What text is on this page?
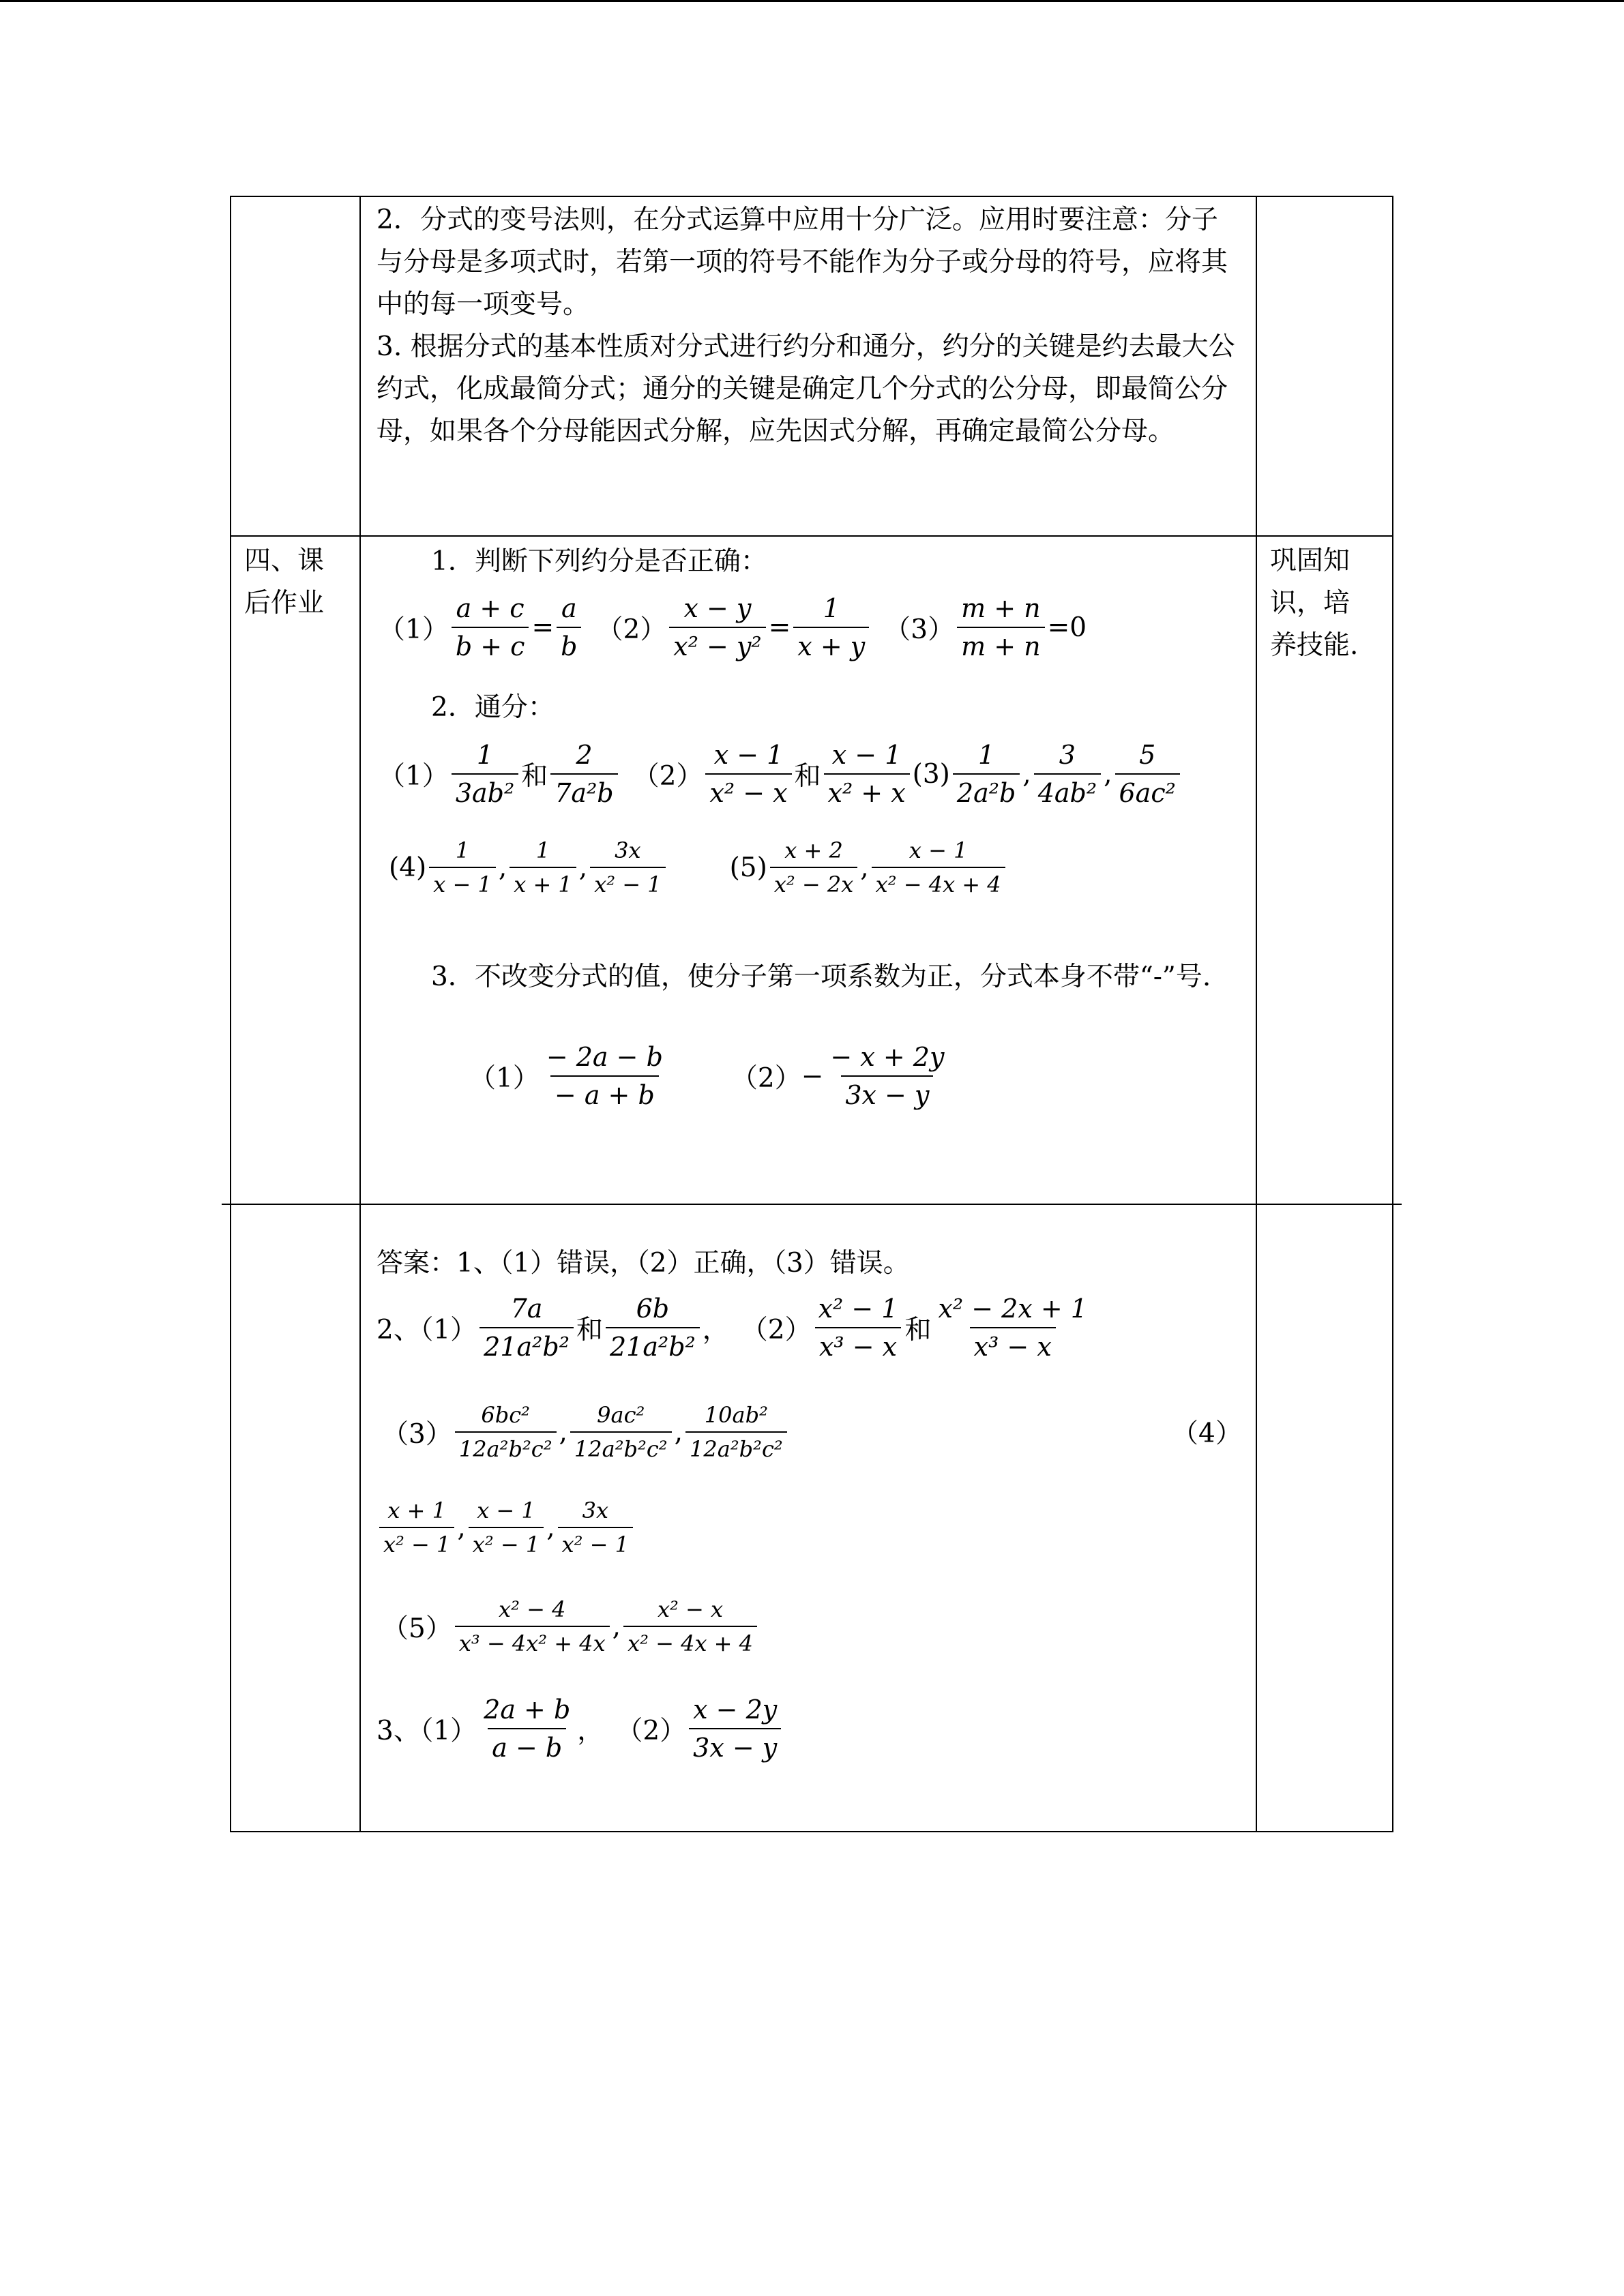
2．分式的变号法则，在分式运算中应用十分广泛。应用时要注意：分子与分母是多项式时，若第一项的符号不能作为分子或分母的符号，应将其中的每一项变号。
3. 根据分式的基本性质对分式进行约分和通分，约分的关键是约去最大公约式，化成最简分式；通分的关键是确定几个分式的公分母，即最简公分母，如果各个分母能因式分解，应先因式分解，再确定最简公分母。
四、课后作业
巩固知识，培养技能.
1．判断下列约分是否正确：
$(1) \frac{a + c}{b + c} = \frac{a}{b} (2) \frac{x - y}{\text{x² − y²}} = \frac{1}{x + y} (3) \frac{m + n}{m + n} =0$
2．通分：
$(1) \frac{1}{\text{3ab²}}$ 和 $\frac{2}{\text{7a²b}} (2) \frac{x - 1}{\text{x² − x}}$ 和 $\frac{x - 1}{\text{x² + x}} (3) \frac{1}{\text{2a²b}}$ , $\frac{3}{\text{4ab²}}$ , $\frac{5}{\text{6ac²}}$
$(4) \frac{1}{x - 1}$ , $\frac{1}{x + 1}$ , $\frac{3x}{\text{x² − 1}} (5) \frac{x + 2}{\text{x² − 2x}}$ , $\frac{x - 1}{\text{x² − 4x + 4}}$
3．不改变分式的值，使分子第一项系数为正，分式本身不带“-”号.
$(1) \frac{- 2a - b}{- a + b} (2) - \frac{- x + 2y}{3x - y}$
答案：1、（1）错误，（2）正确，（3）错误。
2、$(1) \frac{7a}{\text{21a²b²}}$ 和 $\frac{6b}{\text{21a²b²}}$ ， $(2) \frac{\text{x² − 1}}{\text{x³ − x}}$ 和 $\frac{\text{x² − 2x + 1}}{\text{x³ − x}}$
$(3) \frac{\text{6bc²}}{\text{12a²b²c²}}$ , $\frac{\text{9ac²}}{\text{12a²b²c²}}$ , $\frac{\text{10ab²}}{\text{12a²b²c²}}$	（4）
$\frac{x + 1}{\text{x² − 1}}$ , $\frac{x - 1}{\text{x² − 1}}$ , $\frac{3x}{\text{x² − 1}}$
$(5) \frac{\text{x² − 4}}{\text{x³ − 4x² + 4x}}$ , $\frac{\text{x² − x}}{\text{x² − 4x + 4}}$
3、$(1) \frac{2a + b}{a - b}$ ， $(2) \frac{x - 2y}{3x - y}$
